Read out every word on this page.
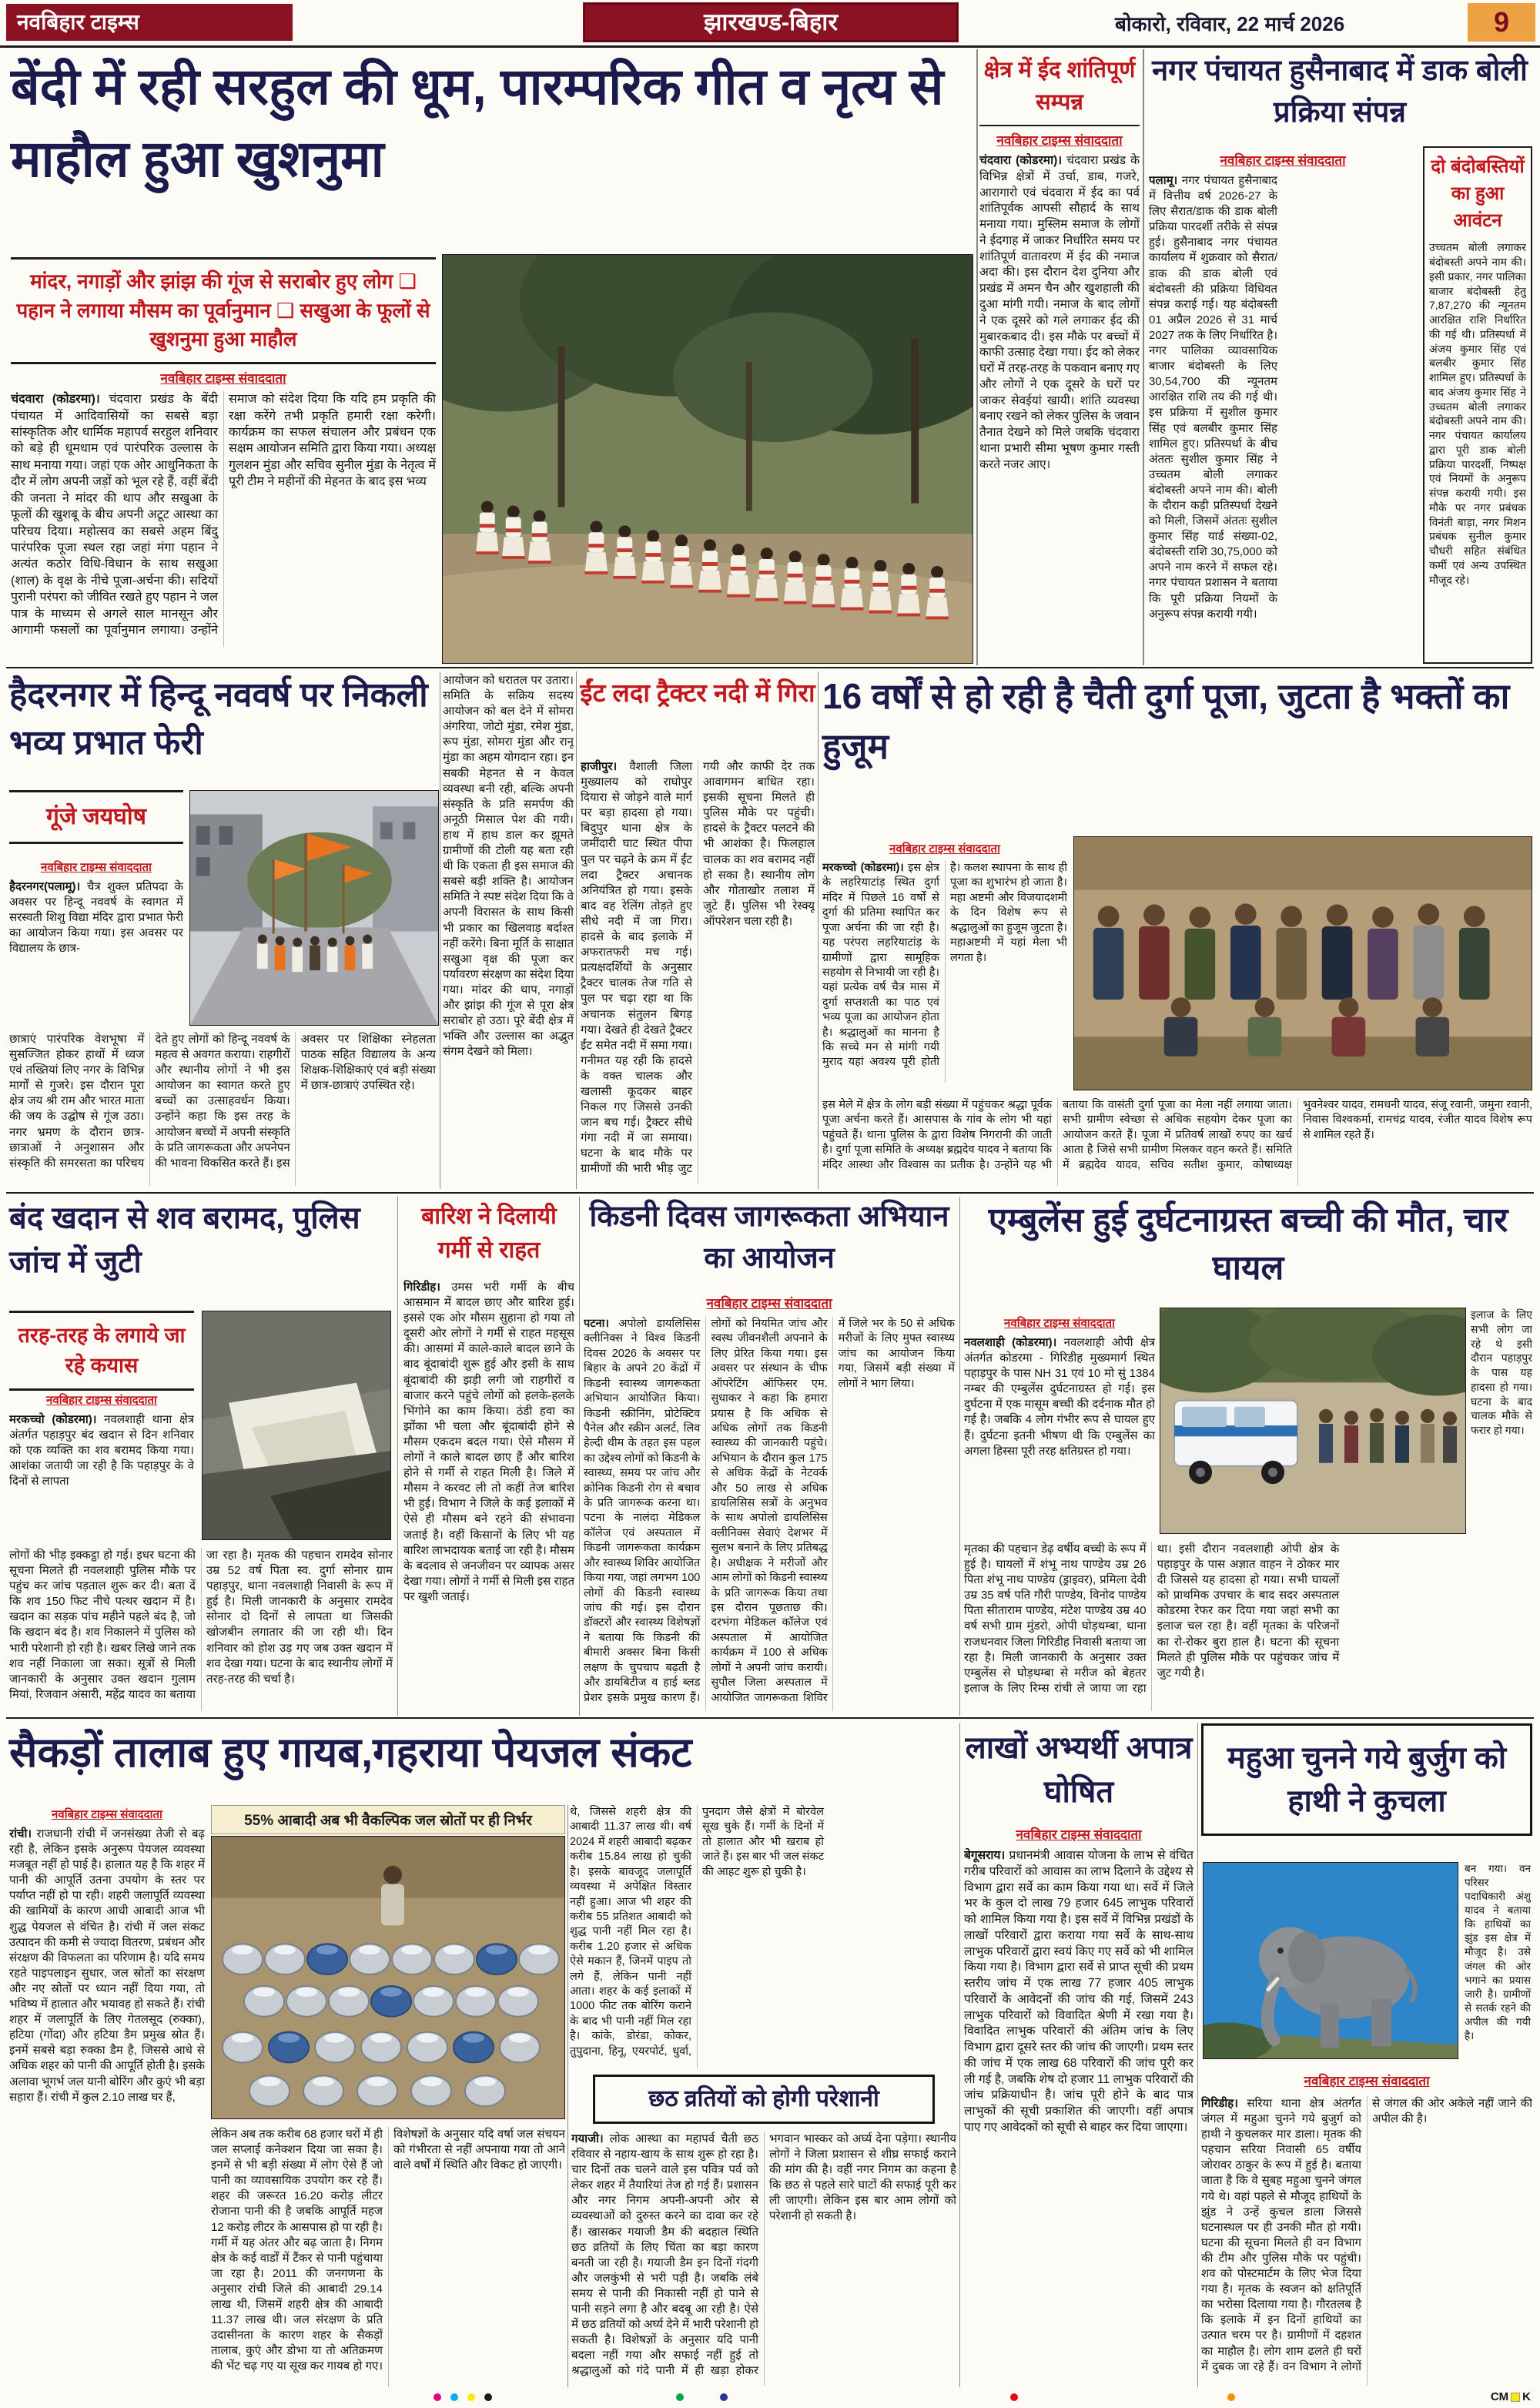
नवबिहार टाइम्स	झारखण्ड-बिहार	बोकारो, रविवार, 22 मार्च 2026	9
बेंदी में रही सरहुल की धूम, पारम्परिक गीत व नृत्य से माहौल हुआ खुशनुमा
मांदर, नगाड़ों और झांझ की गूंज से सराबोर हुए लोग ❑ पहान ने लगाया मौसम का पूर्वानुमान ❑ सखुआ के फूलों से खुशनुमा हुआ माहौल
नवबिहार टाइम्स संवाददाता

चंदवारा (कोडरमा)। चंदवारा प्रखंड के बेंदी पंचायत में आदिवासियों का सबसे बड़ा सांस्कृतिक और धार्मिक महापर्व सरहुल शनिवार को बड़े ही धूमधाम एवं पारंपरिक उल्लास के साथ मनाया गया। जहां एक ओर आधुनिकता के दौर में लोग अपनी जड़ों को भूल रहे हैं, वहीं बेंदी की जनता ने मांदर की थाप और सखुआ के फूलों की खुशबू के बीच अपनी अटूट आस्था का परिचय दिया। महोत्सव का सबसे अहम बिंदु पारंपरिक पूजा स्थल रहा जहां मंगा पहान ने अत्यंत कठोर विधि-विधान के साथ सखुआ (शाल) के वृक्ष के नीचे पूजा-अर्चना की। सदियों पुरानी परंपरा को जीवित रखते हुए पहान ने जल पात्र के माध्यम से अगले साल मानसून और आगामी फसलों का पूर्वानुमान लगाया। उन्होंने समाज को संदेश दिया कि यदि हम प्रकृति की रक्षा करेंगे तभी प्रकृति हमारी रक्षा करेगी। कार्यक्रम का सफल संचालन और प्रबंधन एक सक्षम आयोजन समिति द्वारा किया गया। अध्यक्ष गुलशन मुंडा और सचिव सुनील मुंडा के नेतृत्व में पूरी टीम ने महीनों की मेहनत के बाद इस भव्य

क्षेत्र में ईद शांतिपूर्ण सम्पन्न
नवबिहार टाइम्स संवाददाता

चंदवारा (कोडरमा)। चंदवारा प्रखंड के विभिन्न क्षेत्रों में उर्चा, डाब, गजरे, आरागारो एवं चंदवारा में ईद का पर्व शांतिपूर्वक आपसी सौहार्द के साथ मनाया गया। मुस्लिम समाज के लोगों ने ईदगाह में जाकर निर्धारित समय पर शांतिपूर्ण वातावरण में ईद की नमाज अदा की। इस दौरान देश दुनिया और प्रखंड में अमन चैन और खुशहाली की दुआ मांगी गयी। नमाज के बाद लोगों ने एक दूसरे को गले लगाकर ईद की मुबारकबाद दी। इस मौके पर बच्चों में काफी उत्साह देखा गया। ईद को लेकर घरों में तरह-तरह के पकवान बनाए गए और लोगों ने एक दूसरे के घरों पर जाकर सेवईयां खायी। शांति व्यवस्था बनाए रखने को लेकर पुलिस के जवान तैनात देखने को मिले जबकि चंदवारा थाना प्रभारी सीमा भूषण कुमार गस्ती करते नजर आए।

नगर पंचायत हुसैनाबाद में डाक बोली प्रक्रिया संपन्न
नवबिहार टाइम्स संवाददाता

पलामू। नगर पंचायत हुसैनाबाद में वित्तीय वर्ष 2026-27 के लिए सैरात/डाक की डाक बोली प्रक्रिया पारदर्शी तरीके से संपन्न हुई। हुसैनाबाद नगर पंचायत कार्यालय में शुक्रवार को सैरात/डाक की डाक बोली एवं बंदोबस्ती की प्रक्रिया विधिवत संपन्न कराई गई। यह बंदोबस्ती 01 अप्रैल 2026 से 31 मार्च 2027 तक के लिए निर्धारित है। नगर पालिका व्यावसायिक बाजार बंदोबस्ती के लिए 30,54,700 की न्यूनतम आरक्षित राशि तय की गई थी। इस प्रक्रिया में सुशील कुमार सिंह एवं बलबीर कुमार सिंह शामिल हुए। प्रतिस्पर्धा के बीच अंततः सुशील कुमार सिंह ने उच्चतम बोली लगाकर बंदोबस्ती अपने नाम की। बोली के दौरान कड़ी प्रतिस्पर्धा देखने को मिली, जिसमें अंततः सुशील कुमार सिंह यार्ड संख्या-02, बंदोबस्ती राशि 30,75,000 को अपने नाम करने में सफल रहे। नगर पंचायत प्रशासन ने बताया कि पूरी प्रक्रिया नियमों के अनुरूप संपन्न करायी गयी।

दो बंदोबस्तियों का हुआ आवंटन

उच्चतम बोली लगाकर बंदोबस्ती अपने नाम की। इसी प्रकार, नगर पालिका बाजार बंदोबस्ती हेतु 7,87,270 की न्यूनतम आरक्षित राशि निर्धारित की गई थी। प्रतिस्पर्धा में अंजय कुमार सिंह एवं बलबीर कुमार सिंह शामिल हुए। प्रतिस्पर्धा के बाद अंजय कुमार सिंह ने उच्चतम बोली लगाकर बंदोबस्ती अपने नाम की। नगर पंचायत कार्यालय द्वारा पूरी डाक बोली प्रक्रिया पारदर्शी, निष्पक्ष एवं नियमों के अनुरूप संपन्न करायी गयी। इस मौके पर नगर प्रबंधक विनंती बाड़ा, नगर मिशन प्रबंधक सुनील कुमार चौधरी सहित संबंधित कर्मी एवं अन्य उपस्थित मौजूद रहे।

हैदरनगर में हिन्दू नववर्ष पर निकली भव्य प्रभात फेरी
गूंजे जयघोष
नवबिहार टाइम्स संवाददाता

हैदरनगर(पलामू)। चैत्र शुक्ल प्रतिपदा के अवसर पर हिन्दू नववर्ष के स्वागत में सरस्वती शिशु विद्या मंदिर द्वारा प्रभात फेरी का आयोजन किया गया। इस अवसर पर विद्यालय के छात्र-

छात्राएं पारंपरिक वेशभूषा में सुसज्जित होकर हाथों में ध्वज एवं तख्तियां लिए नगर के विभिन्न मार्गों से गुजरे। इस दौरान पूरा क्षेत्र जय श्री राम और भारत माता की जय के उद्घोष से गूंज उठा। नगर भ्रमण के दौरान छात्र-छात्राओं ने अनुशासन और संस्कृति की समरसता का परिचय देते हुए लोगों को हिन्दू नववर्ष के महत्व से अवगत कराया। राहगीरों और स्थानीय लोगों ने भी इस आयोजन का स्वागत करते हुए बच्चों का उत्साहवर्धन किया। उन्होंने कहा कि इस तरह के आयोजन बच्चों में अपनी संस्कृति के प्रति जागरूकता और अपनेपन की भावना विकसित करते हैं। इस अवसर पर शिक्षिका स्नेहलता पाठक सहित विद्यालय के अन्य शिक्षक-शिक्षिकाएं एवं बड़ी संख्या में छात्र-छात्राएं उपस्थित रहे।

आयोजन को धरातल पर उतारा। समिति के सक्रिय सदस्य आयोजन को बल देने में सोमरा अंगरिया, जोटो मुंडा, रमेश मुंडा, रूप मुंडा, सोमरा मुंडा और रानू मुंडा का अहम योगदान रहा। इन सबकी मेहनत से न केवल व्यवस्था बनी रही, बल्कि अपनी संस्कृति के प्रति समर्पण की अनूठी मिसाल पेश की गयी। हाथ में हाथ डाल कर झूमते ग्रामीणों की टोली यह बता रही थी कि एकता ही इस समाज की सबसे बड़ी शक्ति है। आयोजन समिति ने स्पष्ट संदेश दिया कि वे अपनी विरासत के साथ किसी भी प्रकार का खिलवाड़ बर्दाश्त नहीं करेंगे। बिना मूर्ति के साक्षात सखुआ वृक्ष की पूजा कर पर्यावरण संरक्षण का संदेश दिया गया। मांदर की थाप, नगाड़ों और झांझ की गूंज से पूरा क्षेत्र सराबोर हो उठा। पूरे बेंदी क्षेत्र में भक्ति और उल्लास का अद्भुत संगम देखने को मिला।

ईंट लदा ट्रैक्टर नदी में गिरा

हाजीपुर। वैशाली जिला मुख्यालय को राघोपुर दियारा से जोड़ने वाले मार्ग पर बड़ा हादसा हो गया। बिदुपुर थाना क्षेत्र के जमींदारी घाट स्थित पीपा पुल पर चढ़ने के क्रम में ईंट लदा ट्रैक्टर अचानक अनियंत्रित हो गया। इसके बाद वह रेलिंग तोड़ते हुए सीधे नदी में जा गिरा। हादसे के बाद इलाके में अफरातफरी मच गई। प्रत्यक्षदर्शियों के अनुसार ट्रैक्टर चालक तेज गति से पुल पर चढ़ा रहा था कि अचानक संतुलन बिगड़ गया। देखते ही देखते ट्रैक्टर ईंट समेत नदी में समा गया। गनीमत यह रही कि हादसे के वक्त चालक और खलासी कूदकर बाहर निकल गए जिससे उनकी जान बच गई। ट्रैक्टर सीधे गंगा नदी में जा समाया। घटना के बाद मौके पर ग्रामीणों की भारी भीड़ जुट गयी और काफी देर तक आवागमन बाधित रहा। इसकी सूचना मिलते ही पुलिस मौके पर पहुंची। हादसे के ट्रैक्टर पलटने की भी आशंका है। फिलहाल चालक का शव बरामद नहीं हो सका है। स्थानीय लोग और गोताखोर तलाश में जुटे हैं। पुलिस भी रेस्क्यू ऑपरेशन चला रही है।

16 वर्षों से हो रही है चैती दुर्गा पूजा, जुटता है भक्तों का हुजूम
नवबिहार टाइम्स संवाददाता

मरकच्चो (कोडरमा)। इस क्षेत्र के लहरियाटांड़ स्थित दुर्गा मंदिर में पिछले 16 वर्षों से दुर्गा की प्रतिमा स्थापित कर पूजा अर्चना की जा रही है। यह परंपरा लहरियाटांड़ के ग्रामीणों द्वारा सामूहिक सहयोग से निभायी जा रही है। यहां प्रत्येक वर्ष चैत्र मास में दुर्गा सप्तशती का पाठ एवं भव्य पूजा का आयोजन होता है। श्रद्धालुओं का मानना है कि सच्चे मन से मांगी गयी मुराद यहां अवश्य पूरी होती है। कलश स्थापना के साथ ही पूजा का शुभारंभ हो जाता है। महा अष्टमी और विजयादशमी के दिन विशेष रूप से श्रद्धालुओं का हुजूम जुटता है। महाअष्टमी में यहां मेला भी लगता है।

इस मेले में क्षेत्र के लोग बड़ी संख्या में पहुंचकर श्रद्धा पूर्वक पूजा अर्चना करते हैं। आसपास के गांव के लोग भी यहां पहुंचते हैं। थाना पुलिस के द्वारा विशेष निगरानी की जाती है। दुर्गा पूजा समिति के अध्यक्ष ब्रह्मदेव यादव ने बताया कि मंदिर आस्था और विश्वास का प्रतीक है। उन्होंने यह भी बताया कि वासंती दुर्गा पूजा का मेला नहीं लगाया जाता। सभी ग्रामीण स्वेच्छा से अधिक सहयोग देकर पूजा का आयोजन करते हैं। पूजा में प्रतिवर्ष लाखों रुपए का खर्च आता है जिसे सभी ग्रामीण मिलकर वहन करते हैं। समिति में ब्रह्मदेव यादव, सचिव सतीश कुमार, कोषाध्यक्ष भुवनेश्वर यादव, रामधनी यादव, संजू रवानी, जमुना रवानी, निवास विश्वकर्मा, रामचंद्र यादव, रंजीत यादव विशेष रूप से शामिल रहते हैं।

बंद खदान से शव बरामद, पुलिस जांच में जुटी
तरह-तरह के लगाये जा रहे कयास
नवबिहार टाइम्स संवाददाता

मरकच्चो (कोडरमा)। नवलशाही थाना क्षेत्र अंतर्गत पहाड़पुर बंद खदान से दिन शनिवार को एक व्यक्ति का शव बरामद किया गया। आशंका जतायी जा रही है कि पहाड़पुर के वे दिनों से लापता

लोगों की भीड़ इक्कट्ठा हो गई। इधर घटना की सूचना मिलते ही नवलशाही पुलिस मौके पर पहुंच कर जांच पड़ताल शुरू कर दी। बता दें कि शव 150 फिट नीचे पत्थर खदान में है। खदान का सड़क पांच महीने पहले बंद है, जो कि खदान बंद है। शव निकालने में पुलिस को भारी परेशानी हो रही है। खबर लिखे जाने तक शव नहीं निकाला जा सका। सूत्रों से मिली जानकारी के अनुसार उक्त खदान गुलाम मियां, रिजवान अंसारी, महेंद्र यादव का बताया जा रहा है। मृतक की पहचान रामदेव सोनार उम्र 52 वर्ष पिता स्व. दुर्गा सोनार ग्राम पहाड़पुर, थाना नवलशाही निवासी के रूप में हुई है। मिली जानकारी के अनुसार रामदेव सोनार दो दिनों से लापता था जिसकी खोजबीन लगातार की जा रही थी। दिन शनिवार को होश उड़ गए जब उक्त खदान में शव देखा गया। घटना के बाद स्थानीय लोगों में तरह-तरह की चर्चा है।

बारिश ने दिलायी गर्मी से राहत

गिरिडीह। उमस भरी गर्मी के बीच आसमान में बादल छाए और बारिश हुई। इससे एक ओर मौसम सुहाना हो गया तो दूसरी ओर लोगों ने गर्मी से राहत महसूस की। आसमां में काले-काले बादल छाने के बाद बूंदाबांदी शुरू हुई और इसी के साथ बूंदाबांदी की झड़ी लगी जो राहगीरों व बाजार करने पहुंचे लोगों को हलके-हलके भिंगोने का काम किया। ठंडी हवा का झोंका भी चला और बूंदाबांदी होने से मौसम एकदम बदल गया। ऐसे मौसम में लोगों ने काले बादल छाए हैं और बारिश होने से गर्मी से राहत मिली है। जिले में मौसम ने करवट ली तो कहीं तेज बारिश भी हुई। विभाग ने जिले के कई इलाकों में ऐसे ही मौसम बने रहने की संभावना जताई है। वहीं किसानों के लिए भी यह बारिश लाभदायक बताई जा रही है। मौसम के बदलाव से जनजीवन पर व्यापक असर देखा गया। लोगों ने गर्मी से मिली इस राहत पर खुशी जताई।

किडनी दिवस जागरूकता अभियान का आयोजन
नवबिहार टाइम्स संवाददाता

पटना। अपोलो डायलिसिस क्लीनिक्स ने विश्व किडनी दिवस 2026 के अवसर पर बिहार के अपने 20 केंद्रों में किडनी स्वास्थ्य जागरूकता अभियान आयोजित किया। किडनी स्क्रीनिंग, प्रोटेक्टिव पैनेल और स्क्रीन अलर्ट, लिव हेल्दी थीम के तहत इस पहल का उद्देश्य लोगों को किडनी के स्वास्थ्य, समय पर जांच और क्रोनिक किडनी रोग से बचाव के प्रति जागरूक करना था। पटना के नालंदा मेडिकल कॉलेज एवं अस्पताल में किडनी जागरूकता कार्यक्रम और स्वास्थ्य शिविर आयोजित किया गया, जहां लगभग 100 लोगों की किडनी स्वास्थ्य जांच की गई। इस दौरान डॉक्टरों और स्वास्थ्य विशेषज्ञों ने बताया कि किडनी की बीमारी अक्सर बिना किसी लक्षण के चुपचाप बढ़ती है और डायबिटीज व हाई ब्लड प्रेशर इसके प्रमुख कारण हैं। लोगों को नियमित जांच और स्वस्थ जीवनशैली अपनाने के लिए प्रेरित किया गया। इस अवसर पर संस्थान के चीफ ऑपरेटिंग ऑफिसर एम. सुधाकर ने कहा कि हमारा प्रयास है कि अधिक से अधिक लोगों तक किडनी स्वास्थ्य की जानकारी पहुंचे। अभियान के दौरान कुल 175 से अधिक केंद्रों के नेटवर्क और 50 लाख से अधिक डायलिसिस सत्रों के अनुभव के साथ अपोलो डायलिसिस क्लीनिक्स सेवाएं देशभर में सुलभ बनाने के लिए प्रतिबद्ध है। अधीक्षक ने मरीजों और आम लोगों को किडनी स्वास्थ्य के प्रति जागरूक किया तथा इस दौरान पूछताछ की। दरभंगा मेडिकल कॉलेज एवं अस्पताल में आयोजित कार्यक्रम में 100 से अधिक लोगों ने अपनी जांच करायी। सुपौल जिला अस्पताल में आयोजित जागरूकता शिविर में जिले भर के 50 से अधिक मरीजों के लिए मुफ्त स्वास्थ्य जांच का आयोजन किया गया, जिसमें बड़ी संख्या में लोगों ने भाग लिया।

एम्बुलेंस हुई दुर्घटनाग्रस्त बच्ची की मौत, चार घायल
नवबिहार टाइम्स संवाददाता

नवलशाही (कोडरमा)। नवलशाही ओपी क्षेत्र अंतर्गत कोडरमा - गिरिडीह मुख्यमार्ग स्थित पहाड़पुर के पास NH 31 एवं 10 मो सुं 1384 नम्बर की एम्बुलेंस दुर्घटनाग्रस्त हो गई। इस दुर्घटना में एक मासूम बच्ची की दर्दनाक मौत हो गई है। जबकि 4 लोग गंभीर रूप से घायल हुए हैं। दुर्घटना इतनी भीषण थी कि एम्बुलेंस का अगला हिस्सा पूरी तरह क्षतिग्रस्त हो गया।

इलाज के लिए सभी लोग जा रहे थे इसी दौरान पहाड़पुर के पास यह हादसा हो गया। घटना के बाद चालक मौके से फरार हो गया।

मृतका की पहचान डेढ़ वर्षीय बच्ची के रूप में हुई है। घायलों में शंभू नाथ पाण्डेय उम्र 26 पिता शंभू नाथ पाण्डेय (ड्राइवर), प्रमिला देवी उम्र 35 वर्ष पति गौरी पाण्डेय, विनोद पाण्डेय पिता सीताराम पाण्डेय, मंटेश पाण्डेय उम्र 40 वर्ष सभी ग्राम मुंडरो, ओपी घोड़थम्बा, थाना राजधनवार जिला गिरिडीह निवासी बताया जा रहा है। मिली जानकारी के अनुसार उक्त एम्बुलेंस से घोड़थम्बा से मरीज को बेहतर इलाज के लिए रिम्स रांची ले जाया जा रहा था। इसी दौरान नवलशाही ओपी क्षेत्र के पहाड़पुर के पास अज्ञात वाहन ने ठोकर मार दी जिससे यह हादसा हो गया। सभी घायलों को प्राथमिक उपचार के बाद सदर अस्पताल कोडरमा रेफर कर दिया गया जहां सभी का इलाज चल रहा है। वहीं मृतका के परिजनों का रो-रोकर बुरा हाल है। घटना की सूचना मिलते ही पुलिस मौके पर पहुंचकर जांच में जुट गयी है।

सैकड़ों तालाब हुए गायब,गहराया पेयजल संकट
नवबिहार टाइम्स संवाददाता

रांची। राजधानी रांची में जनसंख्या तेजी से बढ़ रही है, लेकिन इसके अनुरूप पेयजल व्यवस्था मजबूत नहीं हो पाई है। हालात यह है कि शहर में पानी की आपूर्ति उतना उपयोग के स्तर पर पर्याप्त नहीं हो पा रही। शहरी जलापूर्ति व्यवस्था की खामियों के कारण आधी आबादी आज भी शुद्ध पेयजल से वंचित है। रांची में जल संकट उत्पादन की कमी से ज्यादा वितरण, प्रबंधन और संरक्षण की विफलता का परिणाम है। यदि समय रहते पाइपलाइन सुधार, जल स्रोतों का संरक्षण और नए स्रोतों पर ध्यान नहीं दिया गया, तो भविष्य में हालात और भयावह हो सकते हैं। रांची शहर में जलापूर्ति के लिए गेतलसूद (रुक्का), हटिया (गोंदा) और हटिया डैम प्रमुख स्रोत हैं। इनमें सबसे बड़ा रुक्का डैम है, जिससे आधे से अधिक शहर को पानी की आपूर्ति होती है। इसके अलावा भूगर्भ जल यानी बोरिंग और कुएं भी बड़ा सहारा हैं। रांची में कुल 2.10 लाख घर हैं,

55% आबादी अब भी वैकल्पिक जल स्रोतों पर ही निर्भर

लेकिन अब तक करीब 68 हजार घरों में ही जल सप्लाई कनेक्शन दिया जा सका है। इनमें से भी बड़ी संख्या में लोग ऐसे हैं जो पानी का व्यावसायिक उपयोग कर रहे हैं। शहर की जरूरत 16.20 करोड़ लीटर रोजाना पानी की है जबकि आपूर्ति महज 12 करोड़ लीटर के आसपास हो पा रही है। गर्मी में यह अंतर और बढ़ जाता है। निगम क्षेत्र के कई वार्डों में टैंकर से पानी पहुंचाया जा रहा है। 2011 की जनगणना के अनुसार रांची जिले की आबादी 29.14 लाख थी, जिसमें शहरी क्षेत्र की आबादी 11.37 लाख थी। जल संरक्षण के प्रति उदासीनता के कारण शहर के सैकड़ों तालाब, कुएं और डोभा या तो अतिक्रमण की भेंट चढ़ गए या सूख कर गायब हो गए। विशेषज्ञों के अनुसार यदि वर्षा जल संचयन को गंभीरता से नहीं अपनाया गया तो आने वाले वर्षों में स्थिति और विकट हो जाएगी।

थे, जिससे शहरी क्षेत्र की आबादी 11.37 लाख थी। वर्ष 2024 में शहरी आबादी बढ़कर करीब 15.84 लाख हो चुकी है। इसके बावजूद जलापूर्ति व्यवस्था में अपेक्षित विस्तार नहीं हुआ। आज भी शहर की करीब 55 प्रतिशत आबादी को शुद्ध पानी नहीं मिल रहा है। करीब 1.20 हजार से अधिक ऐसे मकान हैं, जिनमें पाइप तो लगे हैं, लेकिन पानी नहीं आता। शहर के कई इलाकों में 1000 फीट तक बोरिंग कराने के बाद भी पानी नहीं मिल रहा है। कांके, डोरंडा, कोकर, तुपुदाना, हिनू, एयरपोर्ट, धुर्वा, पुनदाग जैसे क्षेत्रों में बोरवेल सूख चुके हैं। गर्मी के दिनों में तो हालात और भी खराब हो जाते हैं। इस बार भी जल संकट की आहट शुरू हो चुकी है।

छठ व्रतियों को होगी परेशानी

गयाजी। लोक आस्था का महापर्व चैती छठ रविवार से नहाय-खाय के साथ शुरू हो रहा है। चार दिनों तक चलने वाले इस पवित्र पर्व को लेकर शहर में तैयारियां तेज हो गई हैं। प्रशासन और नगर निगम अपनी-अपनी ओर से व्यवस्थाओं को दुरुस्त करने का दावा कर रहे हैं। खासकर गयाजी डैम की बदहाल स्थिति छठ व्रतियों के लिए चिंता का बड़ा कारण बनती जा रही है। गयाजी डैम इन दिनों गंदगी और जलकुंभी से भरी पड़ी है। जबकि लंबे समय से पानी की निकासी नहीं हो पाने से पानी सड़ने लगा है और बदबू आ रही है। ऐसे में छठ व्रतियों को अर्घ्य देने में भारी परेशानी हो सकती है। विशेषज्ञों के अनुसार यदि पानी बदला नहीं गया और सफाई नहीं हुई तो श्रद्धालुओं को गंदे पानी में ही खड़ा होकर भगवान भास्कर को अर्घ्य देना पड़ेगा। स्थानीय लोगों ने जिला प्रशासन से शीघ्र सफाई कराने की मांग की है। वहीं नगर निगम का कहना है कि छठ से पहले सारे घाटों की सफाई पूरी कर ली जाएगी। लेकिन इस बार आम लोगों को परेशानी हो सकती है।

लाखों अभ्यर्थी अपात्र घोषित
नवबिहार टाइम्स संवाददाता

बेगूसराय। प्रधानमंत्री आवास योजना के लाभ से वंचित गरीब परिवारों को आवास का लाभ दिलाने के उद्देश्य से विभाग द्वारा सर्वे का काम किया गया था। सर्वे में जिले भर के कुल दो लाख 79 हजार 645 लाभुक परिवारों को शामिल किया गया है। इस सर्वे में विभिन्न प्रखंडों के लाखों परिवारों द्वारा कराया गया सर्वे के साथ-साथ लाभुक परिवारों द्वारा स्वयं किए गए सर्वे को भी शामिल किया गया है। विभाग द्वारा सर्वे से प्राप्त सूची की प्रथम स्तरीय जांच में एक लाख 77 हजार 405 लाभुक परिवारों के आवेदनों की जांच की गई, जिसमें 243 लाभुक परिवारों को विवादित श्रेणी में रखा गया है। विवादित लाभुक परिवारों की अंतिम जांच के लिए विभाग द्वारा दूसरे स्तर की जांच की जाएगी। प्रथम स्तर की जांच में एक लाख 68 परिवारों की जांच पूरी कर ली गई है, जबकि शेष दो हजार 11 लाभुक परिवारों की जांच प्रक्रियाधीन है। जांच पूरी होने के बाद पात्र लाभुकों की सूची प्रकाशित की जाएगी। वहीं अपात्र पाए गए आवेदकों को सूची से बाहर कर दिया जाएगा।

महुआ चुनने गये बुर्जुग को हाथी ने कुचला

बन गया। वन परिसर पदाधिकारी अंशु यादव ने बताया कि हाथियों का झुंड इस क्षेत्र में मौजूद है। उसे जंगल की ओर भगाने का प्रयास जारी है। ग्रामीणों से सतर्क रहने की अपील की गयी है।

नवबिहार टाइम्स संवाददाता

गिरिडीह। सरिया थाना क्षेत्र अंतर्गत जंगल में महुआ चुनने गये बुजुर्ग को हाथी ने कुचलकर मार डाला। मृतक की पहचान सरिया निवासी 65 वर्षीय जोरावर ठाकुर के रूप में हुई है। बताया जाता है कि वे सुबह महुआ चुनने जंगल गये थे। वहां पहले से मौजूद हाथियों के झुंड ने उन्हें कुचल डाला जिससे घटनास्थल पर ही उनकी मौत हो गयी। घटना की सूचना मिलते ही वन विभाग की टीम और पुलिस मौके पर पहुंची। शव को पोस्टमार्टम के लिए भेज दिया गया है। मृतक के स्वजन को क्षतिपूर्ति का भरोसा दिलाया गया है। गौरतलब है कि इलाके में इन दिनों हाथियों का उत्पात चरम पर है। ग्रामीणों में दहशत का माहौल है। लोग शाम ढलते ही घरों में दुबक जा रहे हैं। वन विभाग ने लोगों से जंगल की ओर अकेले नहीं जाने की अपील की है।

CM K
